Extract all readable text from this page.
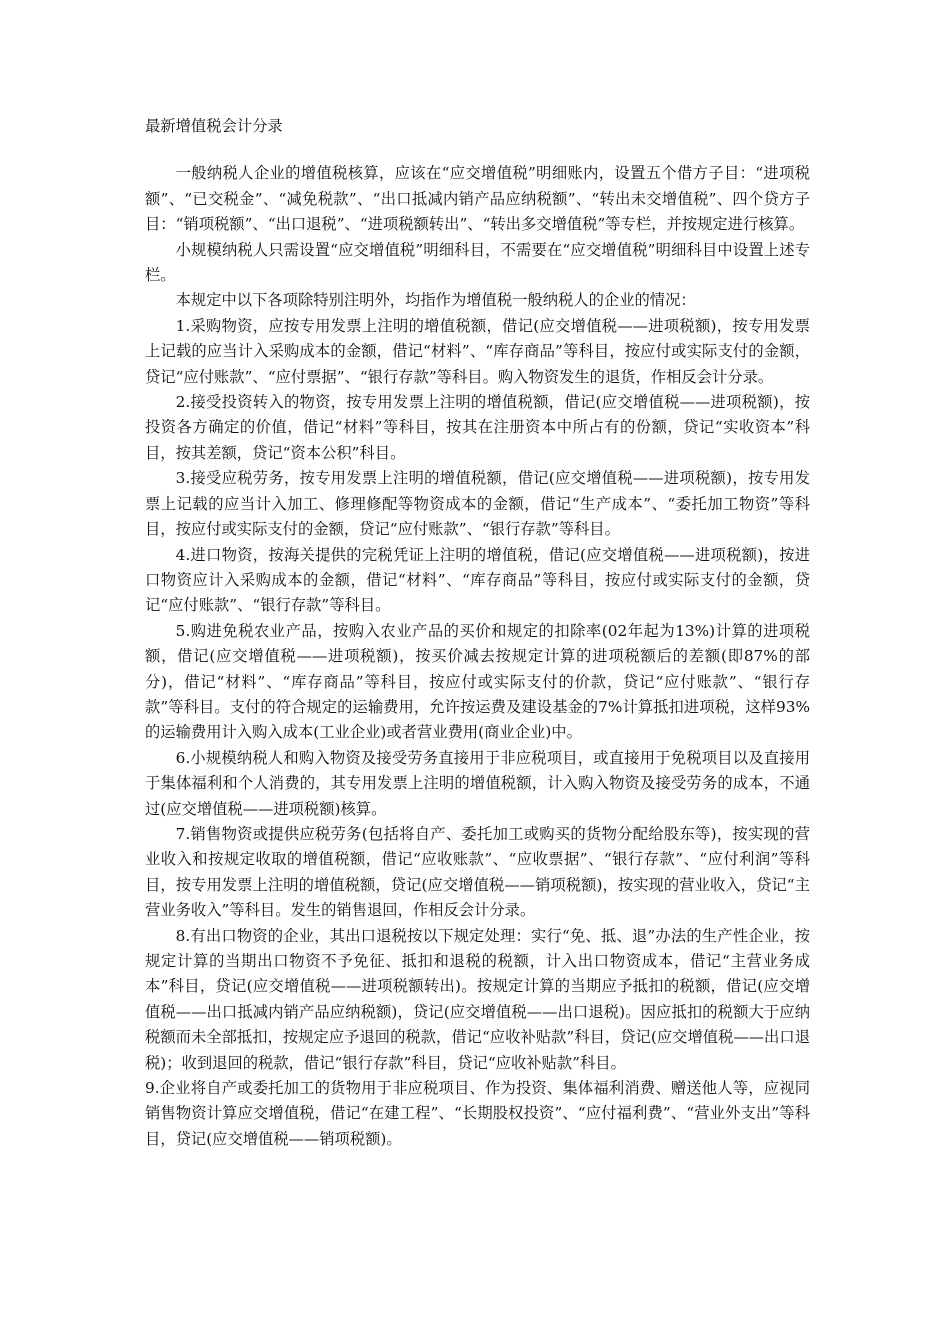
最新增值税会计分录

一般纳税人企业的增值税核算，应该在“应交增值税”明细账内，设置五个借方子目：“进项税额”、“已交税金”、“减免税款”、“出口抵减内销产品应纳税额”、“转出未交增值税”、四个贷方子目：“销项税额”、“出口退税”、“进项税额转出”、“转出多交增值税”等专栏，并按规定进行核算。

小规模纳税人只需设置“应交增值税”明细科目，不需要在“应交增值税”明细科目中设置上述专栏。

本规定中以下各项除特别注明外，均指作为增值税一般纳税人的企业的情况：

1.采购物资，应按专用发票上注明的增值税额，借记(应交增值税——进项税额)，按专用发票上记载的应当计入采购成本的金额，借记“材料”、“库存商品”等科目，按应付或实际支付的金额，贷记“应付账款”、“应付票据”、“银行存款”等科目。购入物资发生的退货，作相反会计分录。

2.接受投资转入的物资，按专用发票上注明的增值税额，借记(应交增值税——进项税额)，按投资各方确定的价值，借记“材料”等科目，按其在注册资本中所占有的份额，贷记“实收资本”科目，按其差额，贷记“资本公积”科目。

3.接受应税劳务，按专用发票上注明的增值税额，借记(应交增值税——进项税额)，按专用发票上记载的应当计入加工、修理修配等物资成本的金额，借记“生产成本”、“委托加工物资”等科目，按应付或实际支付的金额，贷记“应付账款”、“银行存款”等科目。

4.进口物资，按海关提供的完税凭证上注明的增值税，借记(应交增值税——进项税额)，按进口物资应计入采购成本的金额，借记“材料”、“库存商品”等科目，按应付或实际支付的金额，贷记“应付账款”、“银行存款”等科目。

5.购进免税农业产品，按购入农业产品的买价和规定的扣除率(02年起为13%)计算的进项税额，借记(应交增值税——进项税额)，按买价减去按规定计算的进项税额后的差额(即87%的部分)，借记“材料”、“库存商品”等科目，按应付或实际支付的价款，贷记“应付账款”、“银行存款”等科目。支付的符合规定的运输费用，允许按运费及建设基金的7%计算抵扣进项税，这样93%的运输费用计入购入成本(工业企业)或者营业费用(商业企业)中。

6.小规模纳税人和购入物资及接受劳务直接用于非应税项目，或直接用于免税项目以及直接用于集体福利和个人消费的，其专用发票上注明的增值税额，计入购入物资及接受劳务的成本，不通过(应交增值税——进项税额)核算。

7.销售物资或提供应税劳务(包括将自产、委托加工或购买的货物分配给股东等)，按实现的营业收入和按规定收取的增值税额，借记“应收账款”、“应收票据”、“银行存款”、“应付利润”等科目，按专用发票上注明的增值税额，贷记(应交增值税——销项税额)，按实现的营业收入，贷记“主营业务收入”等科目。发生的销售退回，作相反会计分录。

8.有出口物资的企业，其出口退税按以下规定处理：实行“免、抵、退”办法的生产性企业，按规定计算的当期出口物资不予免征、抵扣和退税的税额，计入出口物资成本，借记“主营业务成本”科目，贷记(应交增值税——进项税额转出)。按规定计算的当期应予抵扣的税额，借记(应交增值税——出口抵减内销产品应纳税额)，贷记(应交增值税——出口退税)。因应抵扣的税额大于应纳税额而未全部抵扣，按规定应予退回的税款，借记“应收补贴款”科目，贷记(应交增值税——出口退税)；收到退回的税款，借记“银行存款”科目，贷记“应收补贴款”科目。

9.企业将自产或委托加工的货物用于非应税项目、作为投资、集体福利消费、赠送他人等，应视同销售物资计算应交增值税，借记“在建工程”、“长期股权投资”、“应付福利费”、“营业外支出”等科目，贷记(应交增值税——销项税额)。
